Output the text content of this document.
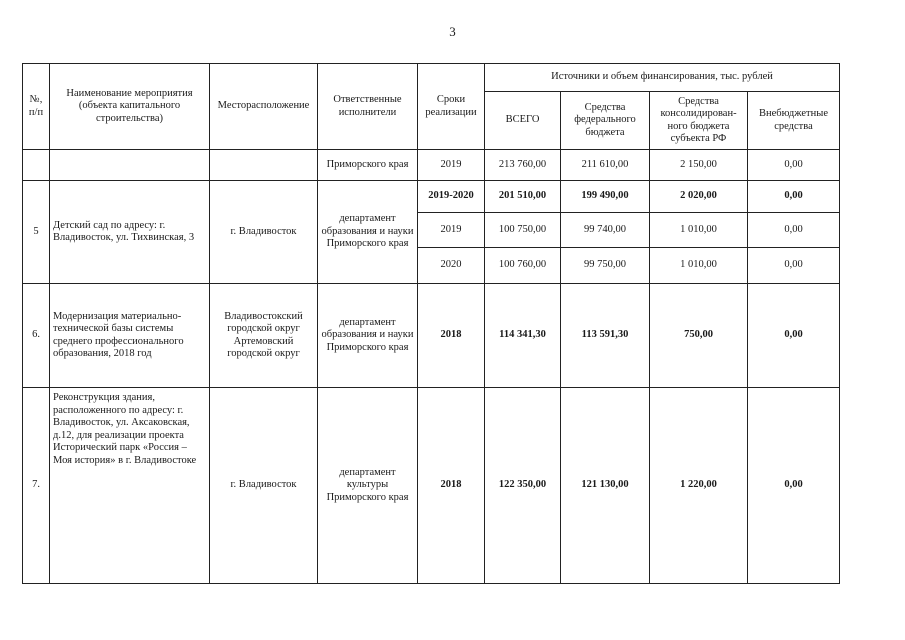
3
№, п/п	Наименование мероприятия (объекта капитального строительства)	Месторасположение	Ответственные исполнители	Сроки реализации	Источники и объем финансирования, тыс. рублей			
					ВСЕГО	Средства федерального бюджета	Средства консолидирован-ного бюджета субъекта РФ	Внебюджетные средства
			Приморского края	2019	213 760,00	211 610,00	2 150,00	0,00
5	Детский сад по адресу: г. Владивосток, ул. Тихвинская, 3	г. Владивосток	департамент образования и науки Приморского края	2019-2020	201 510,00	199 490,00	2 020,00	0,00
				2019	100 750,00	99 740,00	1 010,00	0,00
				2020	100 760,00	99 750,00	1 010,00	0,00
6.	Модернизация материально-технической базы системы среднего профессионального образования, 2018 год	Владивостокский городской округ Артемовский городской округ	департамент образования и науки Приморского края	2018	114 341,30	113 591,30	750,00	0,00
7.	Реконструкция здания, расположенного по адресу: г. Владивосток, ул. Аксаковская, д.12, для реализации проекта Исторический парк «Россия – Моя история» в г. Владивостоке	г. Владивосток	департамент культуры Приморского края	2018	122 350,00	121 130,00	1 220,00	0,00
